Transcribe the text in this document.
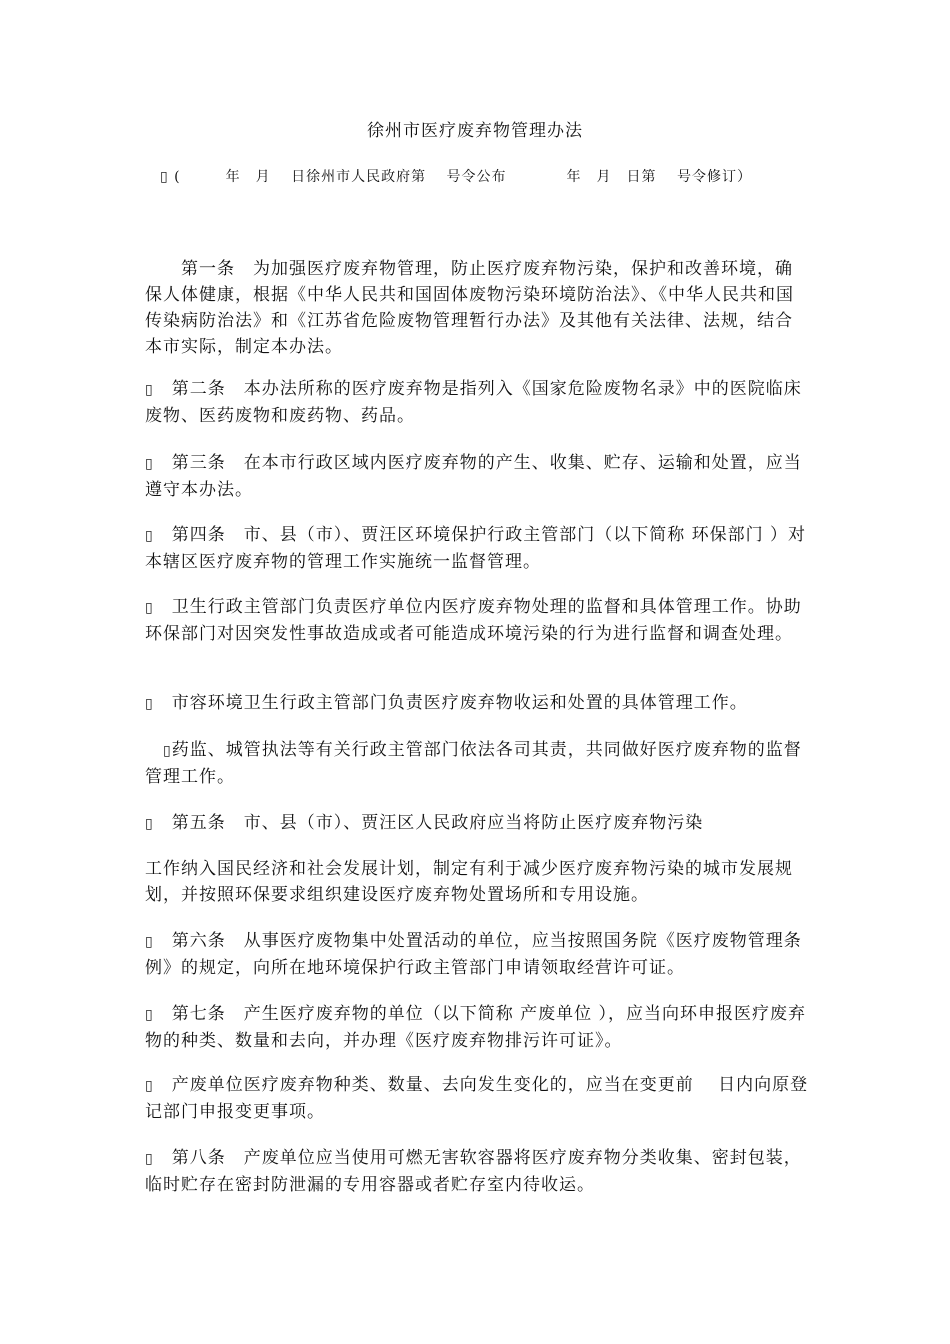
徐州市医疗废弃物管理办法
▯ (　　　年　月　 日徐州市人民政府第　 号令公布　　　　年　月　日第　 号令修订）
　　第一条　为加强医疗废弃物管理，防止医疗废弃物污染，保护和改善环境，确保人体健康，根据《中华人民共和国固体废物污染环境防治法》、《中华人民共和国传染病防治法》和《江苏省危险废物管理暂行办法》及其他有关法律、法规，结合本市实际，制定本办法。
▯　第二条　本办法所称的医疗废弃物是指列入《国家危险废物名录》中的医院临床废物、医药废物和废药物、药品。
▯　第三条　在本市行政区域内医疗废弃物的产生、收集、贮存、运输和处置，应当遵守本办法。
▯　第四条　市、县（市）、贾汪区环境保护行政主管部门（以下简称 环保部门 ）对本辖区医疗废弃物的管理工作实施统一监督管理。
▯　卫生行政主管部门负责医疗单位内医疗废弃物处理的监督和具体管理工作。协助环保部门对因突发性事故造成或者可能造成环境污染的行为进行监督和调查处理。
▯　市容环境卫生行政主管部门负责医疗废弃物收运和处置的具体管理工作。
　▯药监、城管执法等有关行政主管部门依法各司其责，共同做好医疗废弃物的监督管理工作。
▯　第五条　市、县（市）、贾汪区人民政府应当将防止医疗废弃物污染
工作纳入国民经济和社会发展计划，制定有利于减少医疗废弃物污染的城市发展规划，并按照环保要求组织建设医疗废弃物处置场所和专用设施。
▯　第六条　从事医疗废物集中处置活动的单位，应当按照国务院《医疗废物管理条例》的规定，向所在地环境保护行政主管部门申请领取经营许可证。
▯　第七条　产生医疗废弃物的单位（以下简称 产废单位 ），应当向环申报医疗废弃物的种类、数量和去向，并办理《医疗废弃物排污许可证》。
▯　产废单位医疗废弃物种类、数量、去向发生变化的，应当在变更前　 日内向原登记部门申报变更事项。
▯　第八条　产废单位应当使用可燃无害软容器将医疗废弃物分类收集、密封包装，临时贮存在密封防泄漏的专用容器或者贮存室内待收运。
